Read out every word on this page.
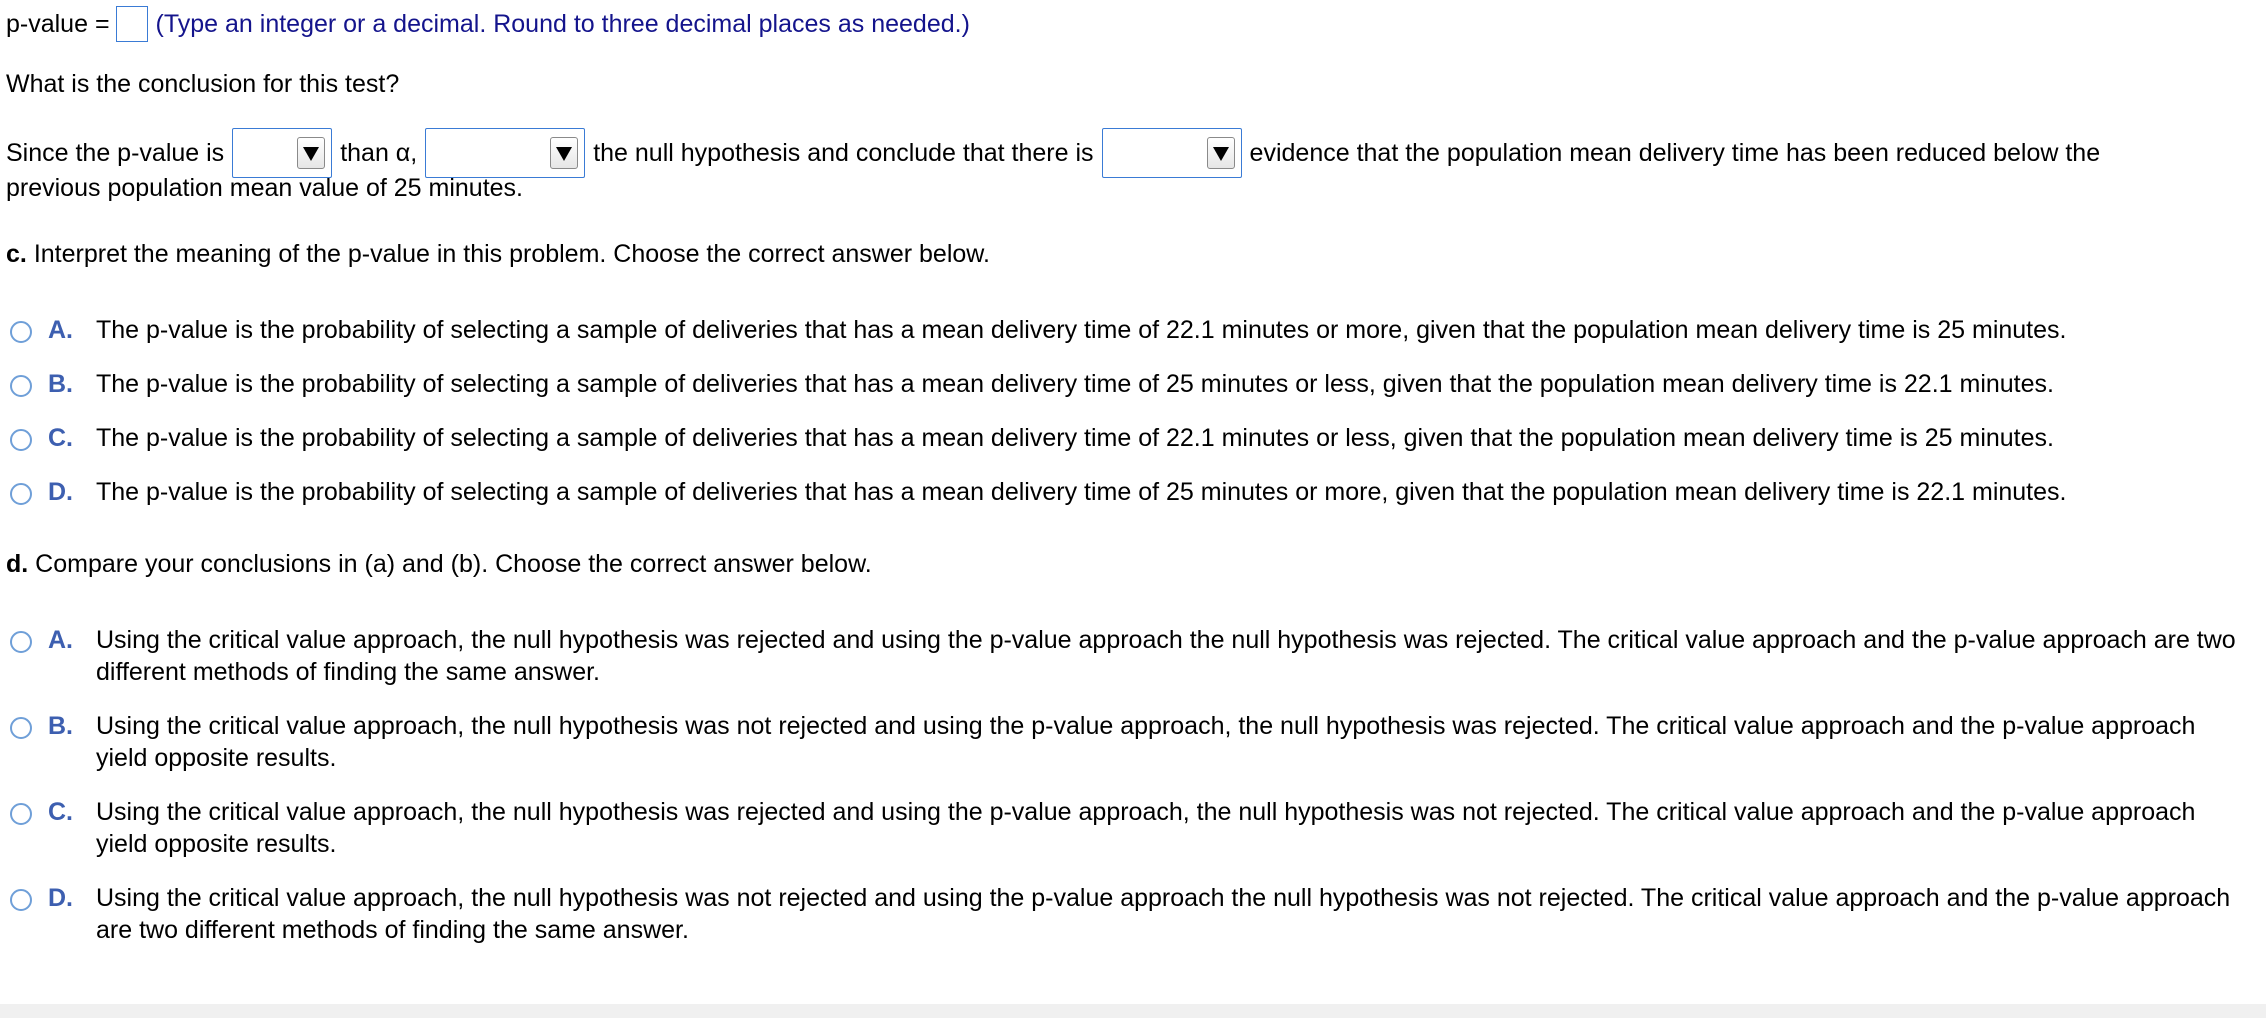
p-value = (Type an integer or a decimal. Round to three decimal places as needed.)
What is the conclusion for this test?
Since the p-value is	than α,	the null hypothesis and conclude that there is	evidence that the population mean delivery time has been reduced below the
previous population mean value of 25 minutes.
c. Interpret the meaning of the p-value in this problem. Choose the correct answer below.
A. The p-value is the probability of selecting a sample of deliveries that has a mean delivery time of 22.1 minutes or more, given that the population mean delivery time is 25 minutes.
B. The p-value is the probability of selecting a sample of deliveries that has a mean delivery time of 25 minutes or less, given that the population mean delivery time is 22.1 minutes.
C. The p-value is the probability of selecting a sample of deliveries that has a mean delivery time of 22.1 minutes or less, given that the population mean delivery time is 25 minutes.
D. The p-value is the probability of selecting a sample of deliveries that has a mean delivery time of 25 minutes or more, given that the population mean delivery time is 22.1 minutes.
d. Compare your conclusions in (a) and (b). Choose the correct answer below.
A. Using the critical value approach, the null hypothesis was rejected and using the p-value approach the null hypothesis was rejected. The critical value approach and the p-value approach are two different methods of finding the same answer.
B. Using the critical value approach, the null hypothesis was not rejected and using the p-value approach, the null hypothesis was rejected. The critical value approach and the p-value approach yield opposite results.
C. Using the critical value approach, the null hypothesis was rejected and using the p-value approach, the null hypothesis was not rejected. The critical value approach and the p-value approach yield opposite results.
D. Using the critical value approach, the null hypothesis was not rejected and using the p-value approach the null hypothesis was not rejected. The critical value approach and the p-value approach are two different methods of finding the same answer.
